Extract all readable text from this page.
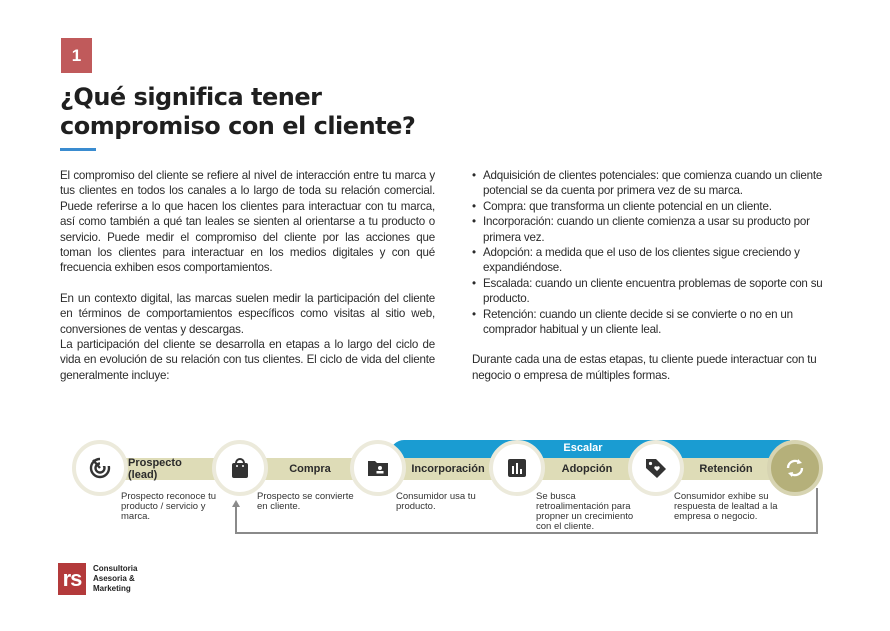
1
¿Qué significa tener compromiso con el cliente?

El compromiso del cliente se refiere al nivel de interacción entre tu marca y tus clientes en todos los canales a lo largo de toda su relación comercial. Puede referirse a lo que hacen los clientes para interactuar con tu marca, así como también a qué tan leales se sienten al orientarse a tu producto o servicio. Puede medir el compromiso del cliente por las acciones que toman los clientes para interactuar en los medios digitales y con qué frecuencia exhiben esos comportamientos.

En un contexto digital, las marcas suelen medir la participación del cliente en términos de comportamientos específicos como visitas al sitio web, conversiones de ventas y descargas.

La participación del cliente se desarrolla en etapas a lo largo del ciclo de vida en evolución de su relación con tus clientes. El ciclo de vida del cliente generalmente incluye:

• Adquisición de clientes potenciales: que comienza cuando un cliente potencial se da cuenta por primera vez de su marca.
• Compra: que transforma un cliente potencial en un cliente.
• Incorporación: cuando un cliente comienza a usar su producto por primera vez.
• Adopción: a medida que el uso de los clientes sigue creciendo y expandiéndose.
• Escalada: cuando un cliente encuentra problemas de soporte con su producto.
• Retención: cuando un cliente decide si se convierte o no en un comprador habitual y un cliente leal.

Durante cada una de estas etapas, tu cliente puede interactuar con tu negocio o empresa de múltiples formas.

Escalar
Prospecto (lead)	Compra	Incorporación	Adopción	Retención
Prospecto reconoce tu producto / servicio y marca.
Prospecto se convierte en cliente.
Consumidor usa tu producto.
Se busca retroalimentación para propner un crecimiento con el cliente.
Consumidor exhibe su respuesta de lealtad a la empresa o negocio.
rs	Consultoria
Asesoria &
Marketing
